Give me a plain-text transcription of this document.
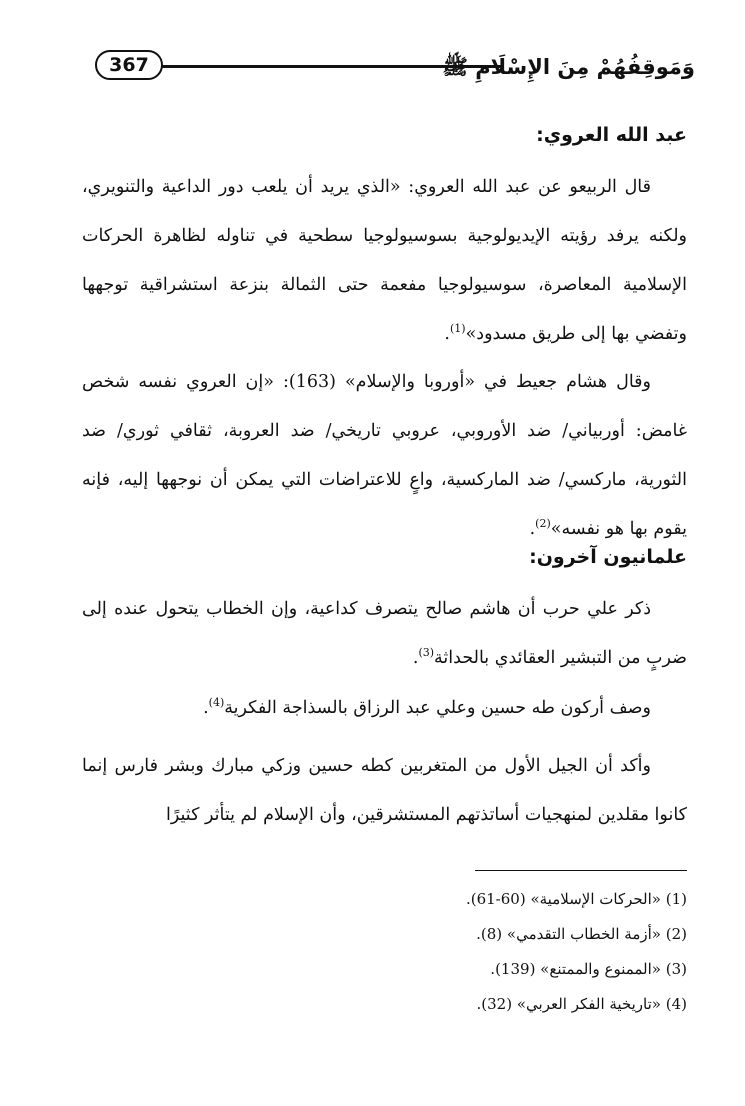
367	وَمَوقِفُهُمْ مِنَ الإِسْلَامِ ﷺ

عبد الله العروي:

قال الربيعو عن عبد الله العروي: «الذي يريد أن يلعب دور الداعية والتنويري، ولكنه يرفد رؤيته الإيديولوجية بسوسيولوجيا سطحية في تناوله لظاهرة الحركات الإسلامية المعاصرة، سوسيولوجيا مفعمة حتى الثمالة بنزعة استشراقية توجهها وتفضي بها إلى طريق مسدود»$^{(1)}$.

وقال هشام جعيط في «أوروبا والإسلام» (163): «إن العروي نفسه شخص غامض: أوربياني/ ضد الأوروبي، عروبي تاريخي/ ضد العروبة، ثقافي ثوري/ ضد الثورية، ماركسي/ ضد الماركسية، واعٍ للاعتراضات التي يمكن أن نوجهها إليه، فإنه يقوم بها هو نفسه»$^{(2)}$.

علمانيون آخرون:

ذكر علي حرب أن هاشم صالح يتصرف كداعية، وإن الخطاب يتحول عنده إلى ضربٍ من التبشير العقائدي بالحداثة$^{(3)}$.

وصف أركون طه حسين وعلي عبد الرزاق بالسذاجة الفكرية$^{(4)}$.

وأكد أن الجيل الأول من المتغربين كطه حسين وزكي مبارك وبشر فارس إنما كانوا مقلدين لمنهجيات أساتذتهم المستشرقين، وأن الإسلام لم يتأثر كثيرًا

(1) «الحركات الإسلامية» (60-61).

(2) «أزمة الخطاب التقدمي» (8).

(3) «الممنوع والممتنع» (139).

(4) «تاريخية الفكر العربي» (32).
